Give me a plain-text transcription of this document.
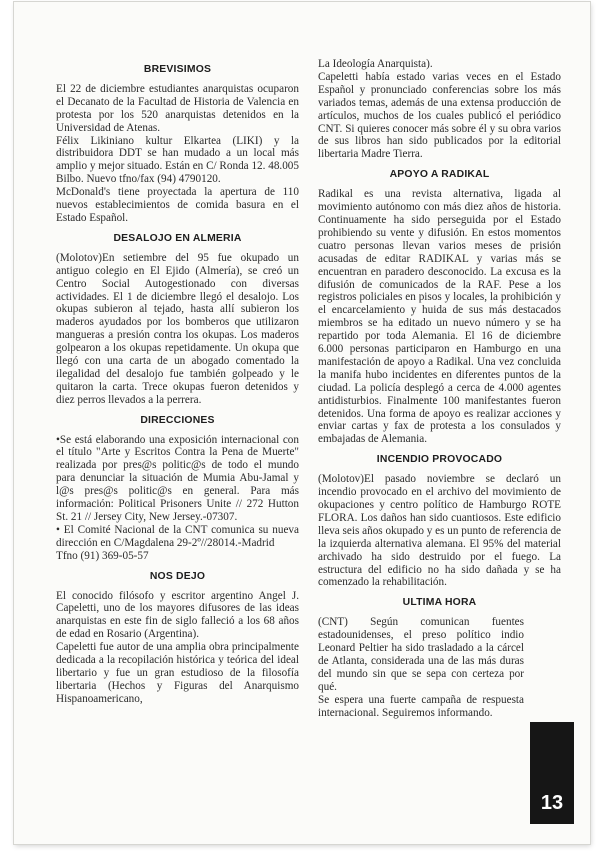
BREVISIMOS

El 22 de diciembre estudiantes anarquistas ocuparon el Decanato de la Facultad de Historia de Valencia en protesta por los 520 anarquistas detenidos en la Universidad de Atenas.

Félix Likiniano kultur Elkartea (LIKI) y la distribuidora DDT se han mudado a un local más amplio y mejor situado. Están en C/ Ronda 12. 48.005 Bilbo. Nuevo tfno/fax (94) 4790120.

McDonald's tiene proyectada la apertura de 110 nuevos establecimientos de comida basura en el Estado Español.

DESALOJO EN ALMERIA

(Molotov)En setiembre del 95 fue okupado un antiguo colegio en El Ejido (Almería), se creó un Centro Social Autogestionado con diversas actividades. El 1 de diciembre llegó el desalojo. Los okupas subieron al tejado, hasta allí subieron los maderos ayudados por los bomberos que utilizaron mangueras a presión contra los okupas. Los maderos golpearon a los okupas repetidamente. Un okupa que llegó con una carta de un abogado comentado la ilegalidad del desalojo fue también golpeado y le quitaron la carta. Trece okupas fueron detenidos y diez perros llevados a la perrera.

DIRECCIONES

•Se está elaborando una exposición internacional con el título "Arte y Escritos Contra la Pena de Muerte" realizada por pres@s politic@s de todo el mundo para denunciar la situación de Mumia Abu-Jamal y l@s pres@s politic@s en general. Para más información: Political Prisoners Unite // 272 Hutton St. 21 // Jersey City, New Jersey.-07307.

• El Comité Nacional de la CNT comunica su nueva dirección en C/Magdalena 29-2º//28014.-Madrid

Tfno (91) 369-05-57

NOS DEJO

El conocido filósofo y escritor argentino Angel J. Capeletti, uno de los mayores difusores de las ideas anarquistas en este fin de siglo falleció a los 68 años de edad en Rosario (Argentina).

Capeletti fue autor de una amplia obra principalmente dedicada a la recopilación histórica y teórica del ideal libertario y fue un gran estudioso de la filosofía libertaria (Hechos y Figuras del Anarquismo Hispanoamericano,

La Ideología Anarquista).

Capeletti había estado varias veces en el Estado Español y pronunciado conferencias sobre los más variados temas, además de una extensa producción de artículos, muchos de los cuales publicó el periódico CNT. Si quieres conocer más sobre él y su obra varios de sus libros han sido publicados por la editorial libertaria Madre Tierra.

APOYO A RADIKAL

Radikal es una revista alternativa, ligada al movimiento autónomo con más diez años de historia. Continuamente ha sido perseguida por el Estado prohibiendo su vente y difusión. En estos momentos cuatro personas llevan varios meses de prisión acusadas de editar RADIKAL y varias más se encuentran en paradero desconocido. La excusa es la difusión de comunicados de la RAF. Pese a los registros policiales en pisos y locales, la prohibición y el encarcelamiento y huida de sus más destacados miembros se ha editado un nuevo número y se ha repartido por toda Alemania. El 16 de diciembre 6.000 personas participaron en Hamburgo en una manifestación de apoyo a Radikal. Una vez concluida la manifa hubo incidentes en diferentes puntos de la ciudad. La policía desplegó a cerca de 4.000 agentes antidisturbios. Finalmente 100 manifestantes fueron detenidos. Una forma de apoyo es realizar acciones y enviar cartas y fax de protesta a los consulados y embajadas de Alemania.

INCENDIO PROVOCADO

(Molotov)El pasado noviembre se declaró un incendio provocado en el archivo del movimiento de okupaciones y centro político de Hamburgo ROTE FLORA. Los daños han sido cuantiosos. Este edificio lleva seis años okupado y es un punto de referencia de la izquierda alternativa alemana. El 95% del material archivado ha sido destruido por el fuego. La estructura del edificio no ha sido dañada y se ha comenzado la rehabilitación.

ULTIMA HORA

(CNT) Según comunican fuentes estadounidenses, el preso político indio Leonard Peltier ha sido trasladado a la cárcel de Atlanta, considerada una de las más duras del mundo sin que se sepa con certeza por qué.

Se espera una fuerte campaña de respuesta internacional. Seguiremos informando.

13
